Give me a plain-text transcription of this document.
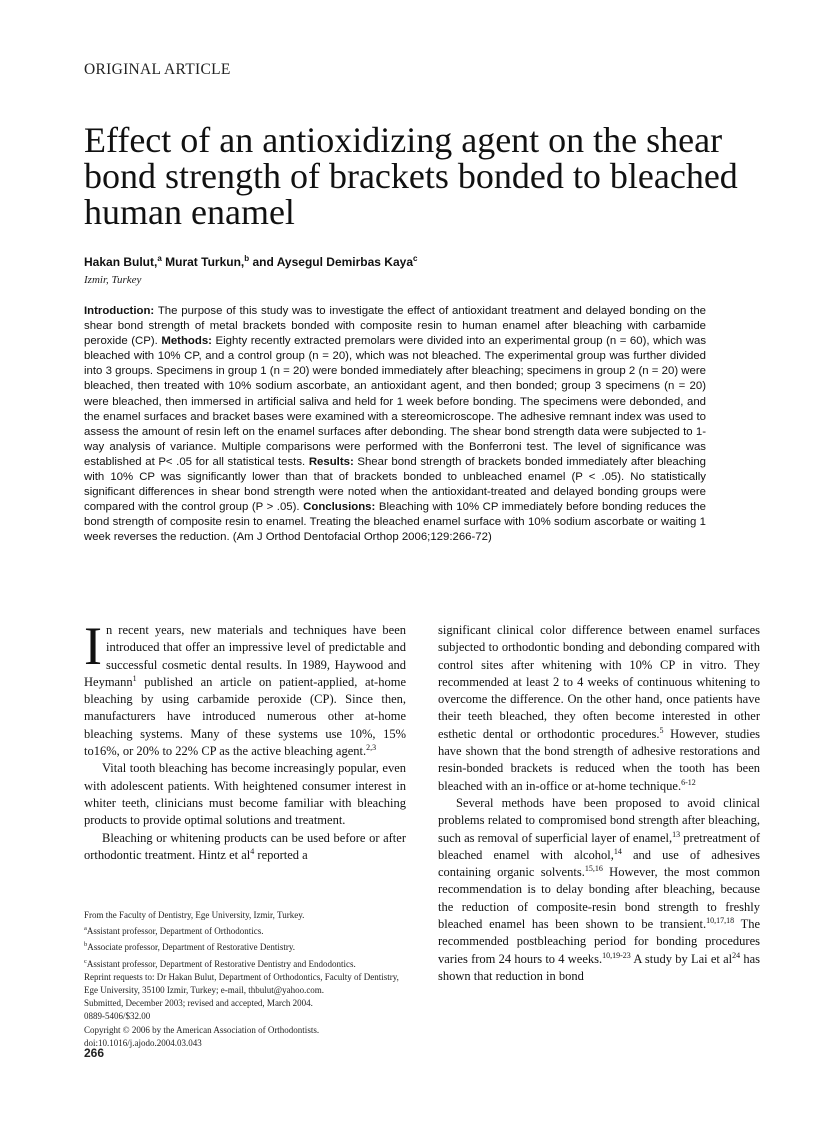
ORIGINAL ARTICLE
Effect of an antioxidizing agent on the shear bond strength of brackets bonded to bleached human enamel
Hakan Bulut,$^a$ Murat Turkun,$^b$ and Aysegul Demirbas Kaya$^c$
Izmir, Turkey

Introduction: The purpose of this study was to investigate the effect of antioxidant treatment and delayed bonding on the shear bond strength of metal brackets bonded with composite resin to human enamel after bleaching with carbamide peroxide (CP). Methods: Eighty recently extracted premolars were divided into an experimental group (n = 60), which was bleached with 10% CP, and a control group (n = 20), which was not bleached. The experimental group was further divided into 3 groups. Specimens in group 1 (n = 20) were bonded immediately after bleaching; specimens in group 2 (n = 20) were bleached, then treated with 10% sodium ascorbate, an antioxidant agent, and then bonded; group 3 specimens (n = 20) were bleached, then immersed in artificial saliva and held for 1 week before bonding. The specimens were debonded, and the enamel surfaces and bracket bases were examined with a stereomicroscope. The adhesive remnant index was used to assess the amount of resin left on the enamel surfaces after debonding. The shear bond strength data were subjected to 1-way analysis of variance. Multiple comparisons were performed with the Bonferroni test. The level of significance was established at P< .05 for all statistical tests. Results: Shear bond strength of brackets bonded immediately after bleaching with 10% CP was significantly lower than that of brackets bonded to unbleached enamel (P < .05). No statistically significant differences in shear bond strength were noted when the antioxidant-treated and delayed bonding groups were compared with the control group (P > .05). Conclusions: Bleaching with 10% CP immediately before bonding reduces the bond strength of composite resin to enamel. Treating the bleached enamel surface with 10% sodium ascorbate or waiting 1 week reverses the reduction. (Am J Orthod Dentofacial Orthop 2006;129:266-72)

In recent years, new materials and techniques have been introduced that offer an impressive level of predictable and successful cosmetic dental results. In 1989, Haywood and Heymann$^1$ published an article on patient-applied, at-home bleaching by using carbamide peroxide (CP). Since then, manufacturers have introduced numerous other at-home bleaching systems. Many of these systems use 10%, 15% to16%, or 20% to 22% CP as the active bleaching agent.$^{2,3}$

Vital tooth bleaching has become increasingly popular, even with adolescent patients. With heightened consumer interest in whiter teeth, clinicians must become familiar with bleaching products to provide optimal solutions and treatment.

Bleaching or whitening products can be used before or after orthodontic treatment. Hintz et al$^4$ reported a

From the Faculty of Dentistry, Ege University, Izmir, Turkey.
$^a$Assistant professor, Department of Orthodontics.
$^b$Associate professor, Department of Restorative Dentistry.
$^c$Assistant professor, Department of Restorative Dentistry and Endodontics.
Reprint requests to: Dr Hakan Bulut, Department of Orthodontics, Faculty of Dentistry, Ege University, 35100 Izmir, Turkey; e-mail, thbulut@yahoo.com.
Submitted, December 2003; revised and accepted, March 2004.
0889-5406/$32.00
Copyright © 2006 by the American Association of Orthodontists.
doi:10.1016/j.ajodo.2004.03.043

significant clinical color difference between enamel surfaces subjected to orthodontic bonding and debonding compared with control sites after whitening with 10% CP in vitro. They recommended at least 2 to 4 weeks of continuous whitening to overcome the difference. On the other hand, once patients have their teeth bleached, they often become interested in other esthetic dental or orthodontic procedures.$^5$ However, studies have shown that the bond strength of adhesive restorations and resin-bonded brackets is reduced when the tooth has been bleached with an in-office or at-home technique.$^{6-12}$

Several methods have been proposed to avoid clinical problems related to compromised bond strength after bleaching, such as removal of superficial layer of enamel,$^{13}$ pretreatment of bleached enamel with alcohol,$^{14}$ and use of adhesives containing organic solvents.$^{15,16}$ However, the most common recommendation is to delay bonding after bleaching, because the reduction of composite-resin bond strength to freshly bleached enamel has been shown to be transient.$^{10,17,18}$ The recommended postbleaching period for bonding procedures varies from 24 hours to 4 weeks.$^{10,19-23}$ A study by Lai et al$^{24}$ has shown that reduction in bond

266
